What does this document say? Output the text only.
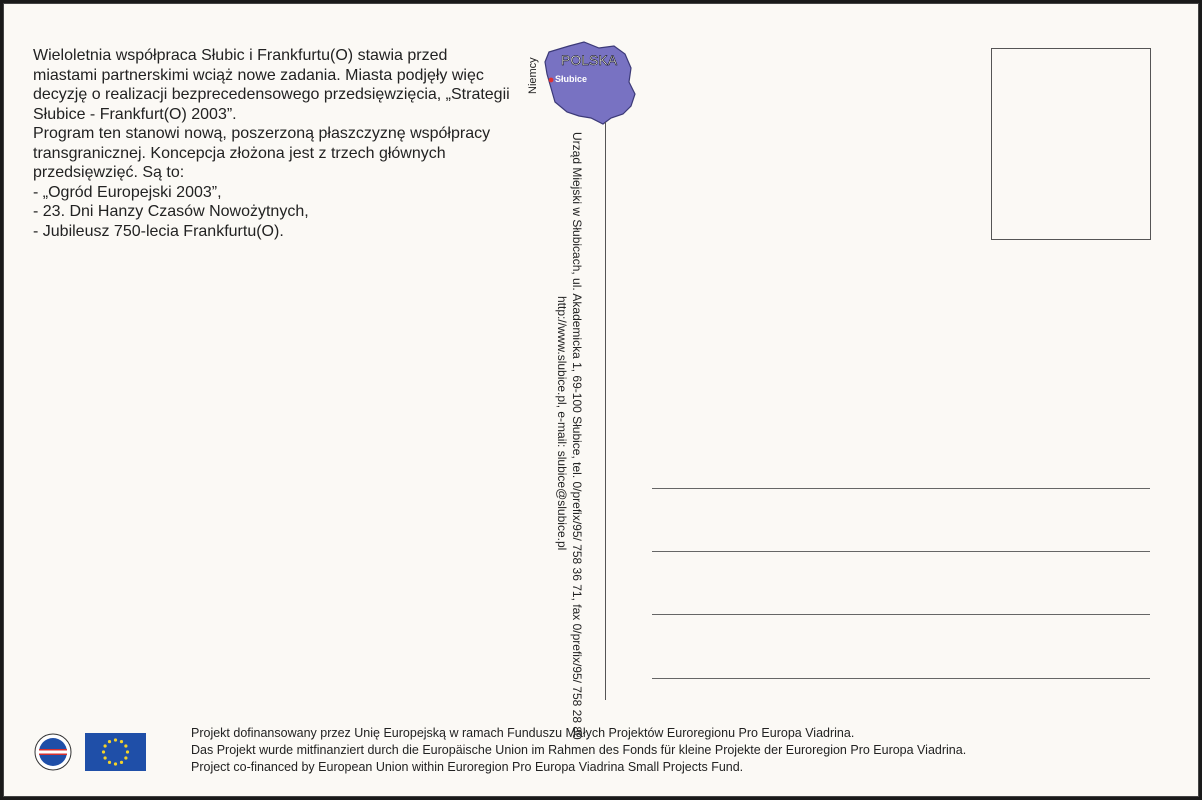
Wieloletnia współpraca Słubic i Frankfurtu(O) stawia przed miastami partnerskimi wciąż nowe zadania. Miasta podjęły więc decyzję o realizacji bezprecedensowego przedsięwzięcia, „Strategii Słubice - Frankfurt(O) 2003”.

Program ten stanowi nową, poszerzoną płaszczyznę współpracy transgranicznej. Koncepcja złożona jest z trzech głównych przedsięwzięć. Są to:

- „Ogród Europejski 2003”,

- 23. Dni Hanzy Czasów Nowożytnych,

- Jubileusz 750-lecia Frankfurtu(O).

POLSKA
Słubice
Niemcy
Urząd Miejski w Słubicach, ul. Akademicka 1, 69-100 Słubice, tel. 0/prefix/95/ 758 36 71, fax 0/prefix/95/ 758 28 80
http://www.slubice.pl, e-mail: slubice@slubice.pl
Projekt dofinansowany przez Unię Europejską w ramach Funduszu Małych Projektów Euroregionu Pro Europa Viadrina.
Das Projekt wurde mitfinanziert durch die Europäische Union im Rahmen des Fonds für kleine Projekte der Euroregion Pro Europa Viadrina.
Project co-financed by European Union within Euroregion Pro Europa Viadrina Small Projects Fund.
